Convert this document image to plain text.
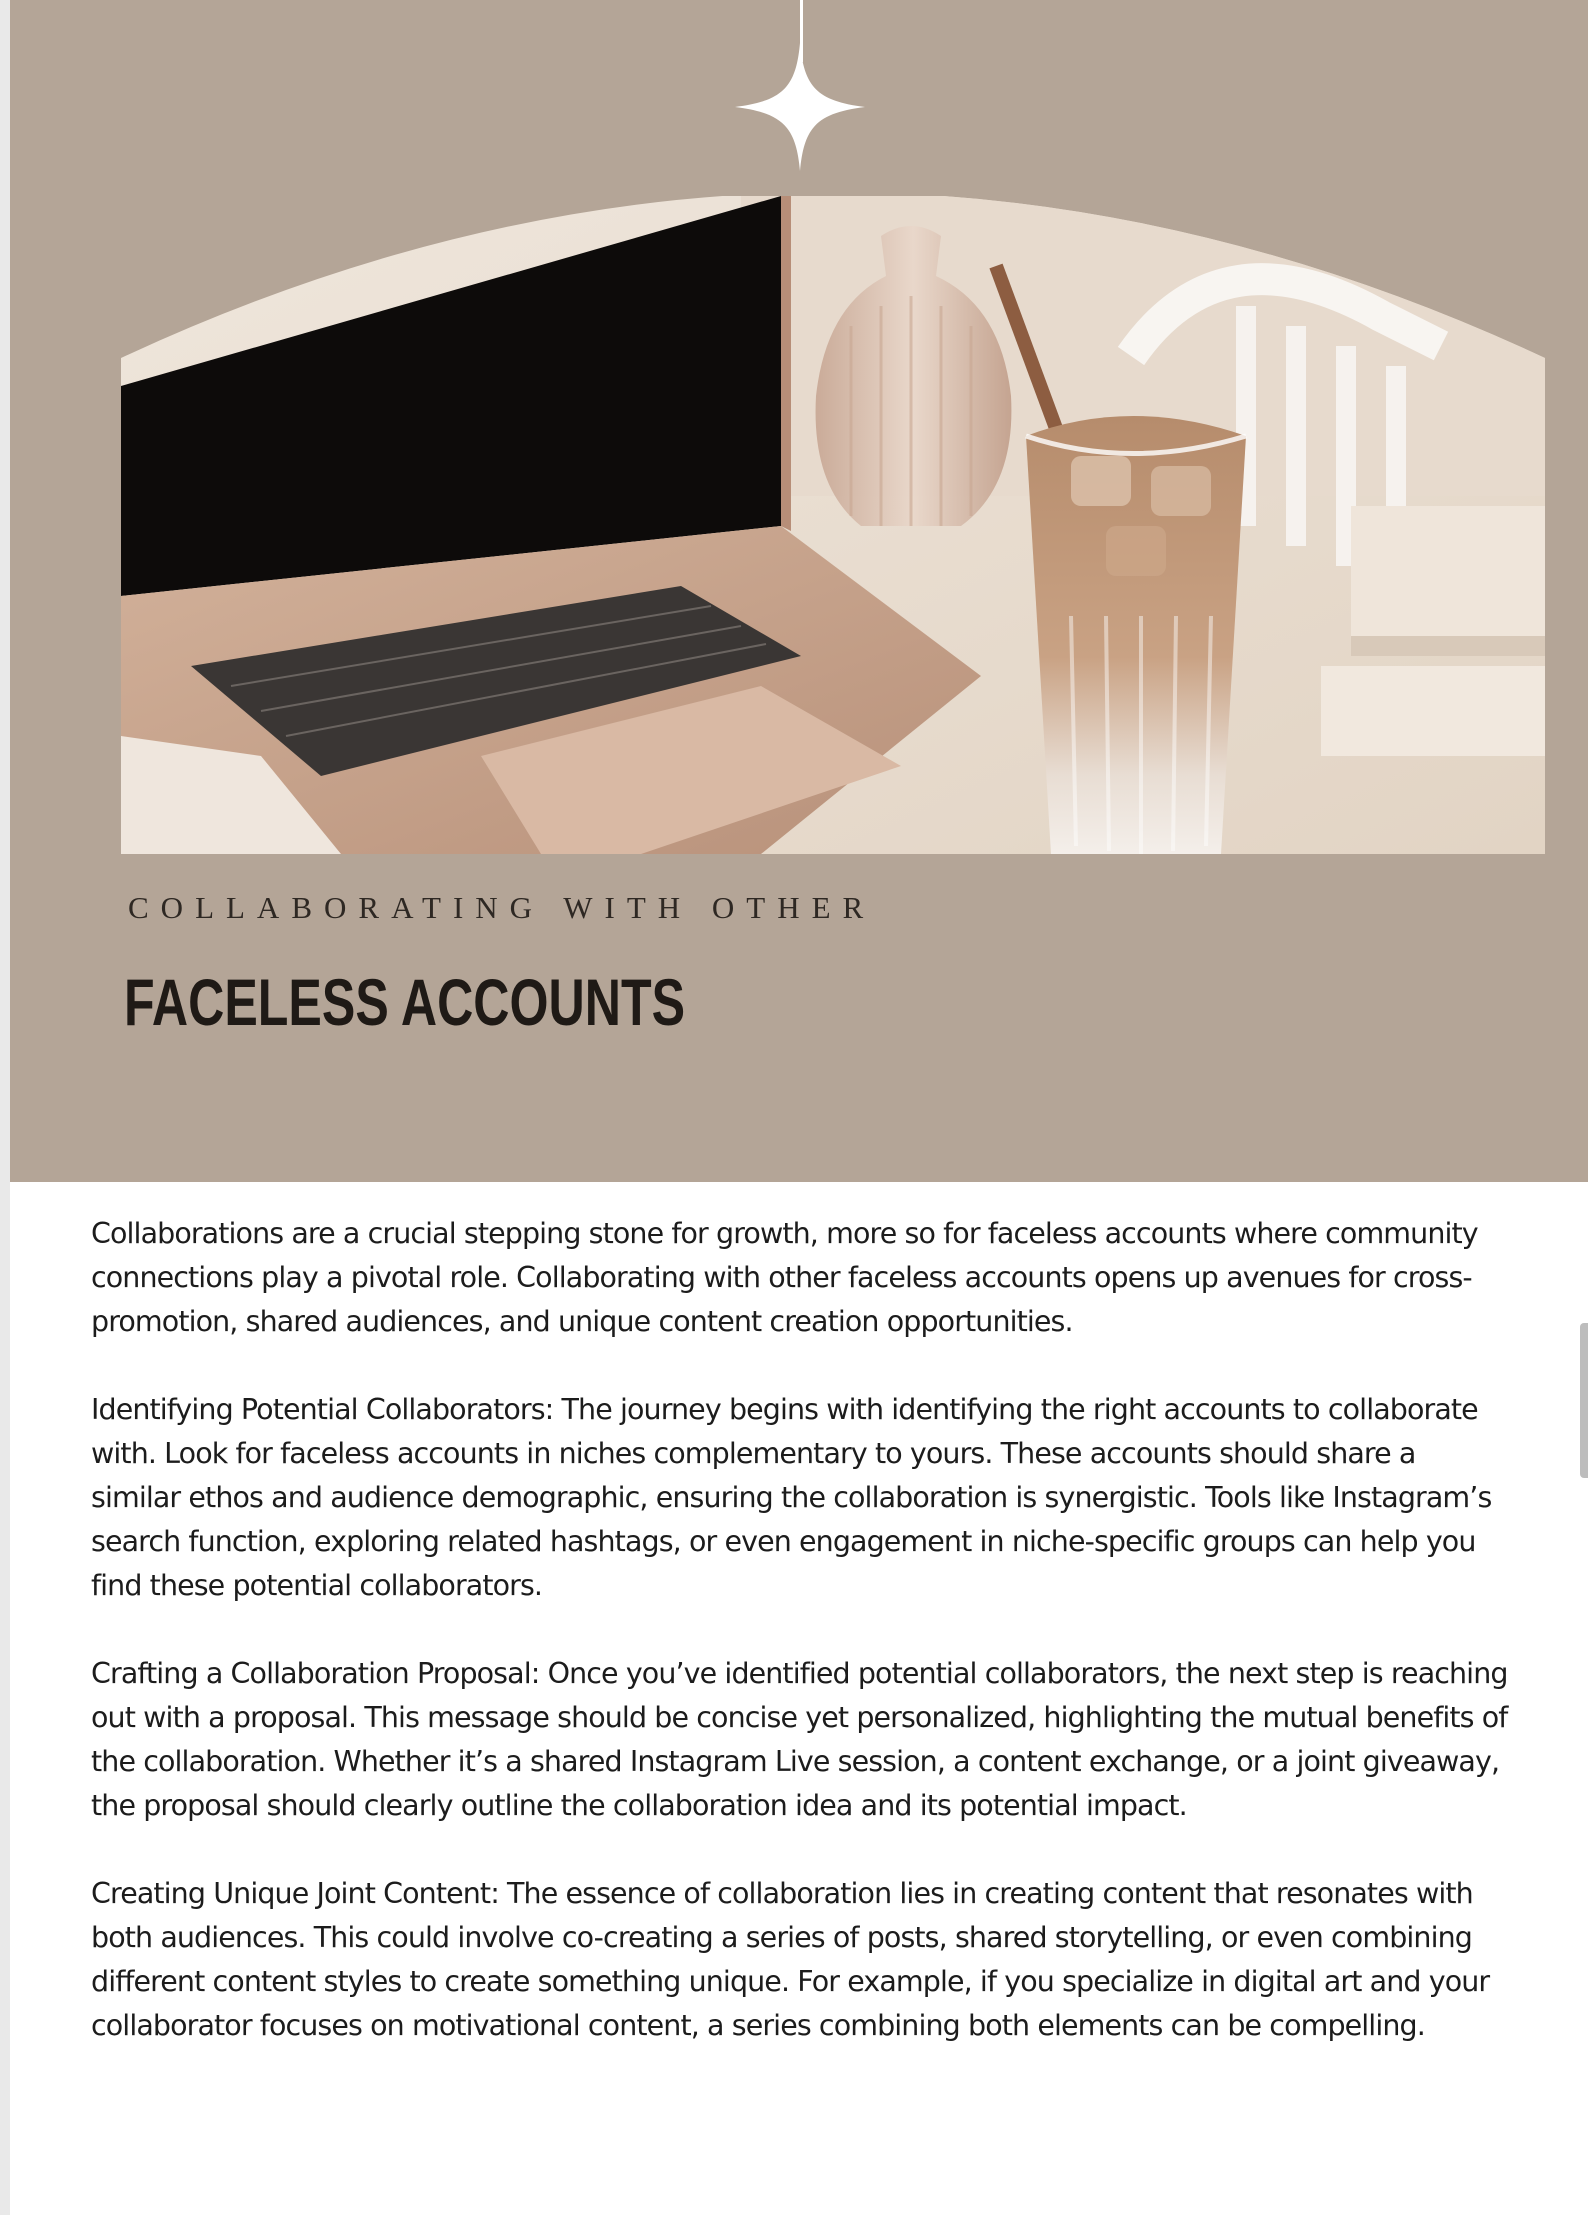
COLLABORATING WITH OTHER
FACELESS ACCOUNTS

Collaborations are a crucial stepping stone for growth, more so for faceless accounts where community connections play a pivotal role. Collaborating with other faceless accounts opens up avenues for cross-promotion, shared audiences, and unique content creation opportunities.

Identifying Potential Collaborators: The journey begins with identifying the right accounts to collaborate with. Look for faceless accounts in niches complementary to yours. These accounts should share a similar ethos and audience demographic, ensuring the collaboration is synergistic. Tools like Instagram’s search function, exploring related hashtags, or even engagement in niche-specific groups can help you find these potential collaborators.

Crafting a Collaboration Proposal: Once you’ve identified potential collaborators, the next step is reaching out with a proposal. This message should be concise yet personalized, highlighting the mutual benefits of the collaboration. Whether it’s a shared Instagram Live session, a content exchange, or a joint giveaway, the proposal should clearly outline the collaboration idea and its potential impact.

Creating Unique Joint Content: The essence of collaboration lies in creating content that resonates with both audiences. This could involve co-creating a series of posts, shared storytelling, or even combining different content styles to create something unique. For example, if you specialize in digital art and your collaborator focuses on motivational content, a series combining both elements can be compelling.
